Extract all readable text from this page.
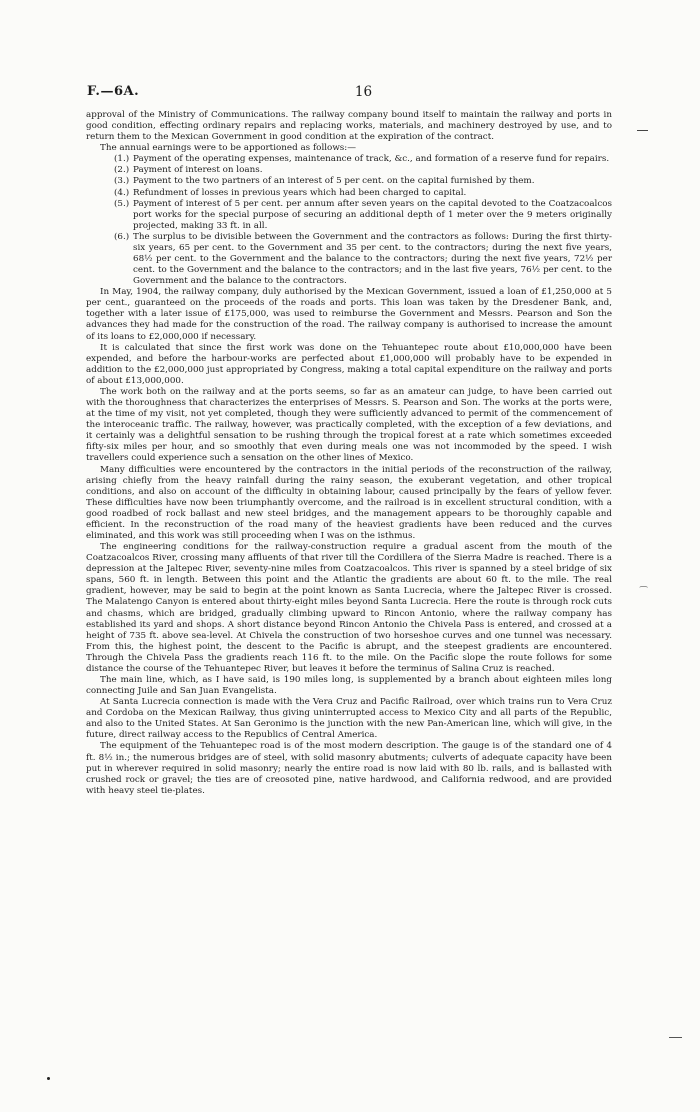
F.—6A.	16

approval of the Ministry of Communications. The railway company bound itself to maintain the railway and ports in good condition, effecting ordinary repairs and replacing works, materials, and machinery destroyed by use, and to return them to the Mexican Government in good condition at the expiration of the contract.

The annual earnings were to be apportioned as follows:—

(1.) Payment of the operating expenses, maintenance of track, &c., and formation of a reserve fund for repairs.
(2.) Payment of interest on loans.
(3.) Payment to the two partners of an interest of 5 per cent. on the capital furnished by them.
(4.) Refundment of losses in previous years which had been charged to capital.
(5.) Payment of interest of 5 per cent. per annum after seven years on the capital devoted to the Coatzacoalcos port works for the special purpose of securing an additional depth of 1 meter over the 9 meters originally projected, making 33 ft. in all.
(6.) The surplus to be divisible between the Government and the contractors as follows: During the first thirty-six years, 65 per cent. to the Government and 35 per cent. to the contractors; during the next five years, 68½ per cent. to the Government and the balance to the contractors; during the next five years, 72½ per cent. to the Government and the balance to the contractors; and in the last five years, 76½ per cent. to the Government and the balance to the contractors.

In May, 1904, the railway company, duly authorised by the Mexican Government, issued a loan of £1,250,000 at 5 per cent., guaranteed on the proceeds of the roads and ports. This loan was taken by the Dresdener Bank, and, together with a later issue of £175,000, was used to reimburse the Government and Messrs. Pearson and Son the advances they had made for the construction of the road. The railway company is authorised to increase the amount of its loans to £2,000,000 if necessary.

It is calculated that since the first work was done on the Tehuantepec route about £10,000,000 have been expended, and before the harbour-works are perfected about £1,000,000 will probably have to be expended in addition to the £2,000,000 just appropriated by Congress, making a total capital expenditure on the railway and ports of about £13,000,000.

The work both on the railway and at the ports seems, so far as an amateur can judge, to have been carried out with the thoroughness that characterizes the enterprises of Messrs. S. Pearson and Son. The works at the ports were, at the time of my visit, not yet completed, though they were sufficiently advanced to permit of the commencement of the interoceanic traffic. The railway, however, was practically completed, with the exception of a few deviations, and it certainly was a delightful sensation to be rushing through the tropical forest at a rate which sometimes exceeded fifty-six miles per hour, and so smoothly that even during meals one was not incommoded by the speed. I wish travellers could experience such a sensation on the other lines of Mexico.

Many difficulties were encountered by the contractors in the initial periods of the reconstruction of the railway, arising chiefly from the heavy rainfall during the rainy season, the exuberant vegetation, and other tropical conditions, and also on account of the difficulty in obtaining labour, caused principally by the fears of yellow fever. These difficulties have now been triumphantly overcome, and the railroad is in excellent structural condition, with a good roadbed of rock ballast and new steel bridges, and the management appears to be thoroughly capable and efficient. In the reconstruction of the road many of the heaviest gradients have been reduced and the curves eliminated, and this work was still proceeding when I was on the isthmus.

The engineering conditions for the railway-construction require a gradual ascent from the mouth of the Coatzacoalcos River, crossing many affluents of that river till the Cordillera of the Sierra Madre is reached. There is a depression at the Jaltepec River, seventy-nine miles from Coatzacoalcos. This river is spanned by a steel bridge of six spans, 560 ft. in length. Between this point and the Atlantic the gradients are about 60 ft. to the mile. The real gradient, however, may be said to begin at the point known as Santa Lucrecia, where the Jaltepec River is crossed. The Malatengo Canyon is entered about thirty-eight miles beyond Santa Lucrecia. Here the route is through rock cuts and chasms, which are bridged, gradually climbing upward to Rincon Antonio, where the railway company has established its yard and shops. A short distance beyond Rincon Antonio the Chivela Pass is entered, and crossed at a height of 735 ft. above sea-level. At Chivela the construction of two horseshoe curves and one tunnel was necessary. From this, the highest point, the descent to the Pacific is abrupt, and the steepest gradients are encountered. Through the Chivela Pass the gradients reach 116 ft. to the mile. On the Pacific slope the route follows for some distance the course of the Tehuantepec River, but leaves it before the terminus of Salina Cruz is reached.

The main line, which, as I have said, is 190 miles long, is supplemented by a branch about eighteen miles long connecting Juile and San Juan Evangelista.

At Santa Lucrecia connection is made with the Vera Cruz and Pacific Railroad, over which trains run to Vera Cruz and Cordoba on the Mexican Railway, thus giving uninterrupted access to Mexico City and all parts of the Republic, and also to the United States. At San Geronimo is the junction with the new Pan-American line, which will give, in the future, direct railway access to the Republics of Central America.

The equipment of the Tehuantepec road is of the most modern description. The gauge is of the standard one of 4 ft. 8½ in.; the numerous bridges are of steel, with solid masonry abutments; culverts of adequate capacity have been put in wherever required in solid masonry; nearly the entire road is now laid with 80 lb. rails, and is ballasted with crushed rock or gravel; the ties are of creosoted pine, native hardwood, and California redwood, and are provided with heavy steel tie-plates.

⁀
